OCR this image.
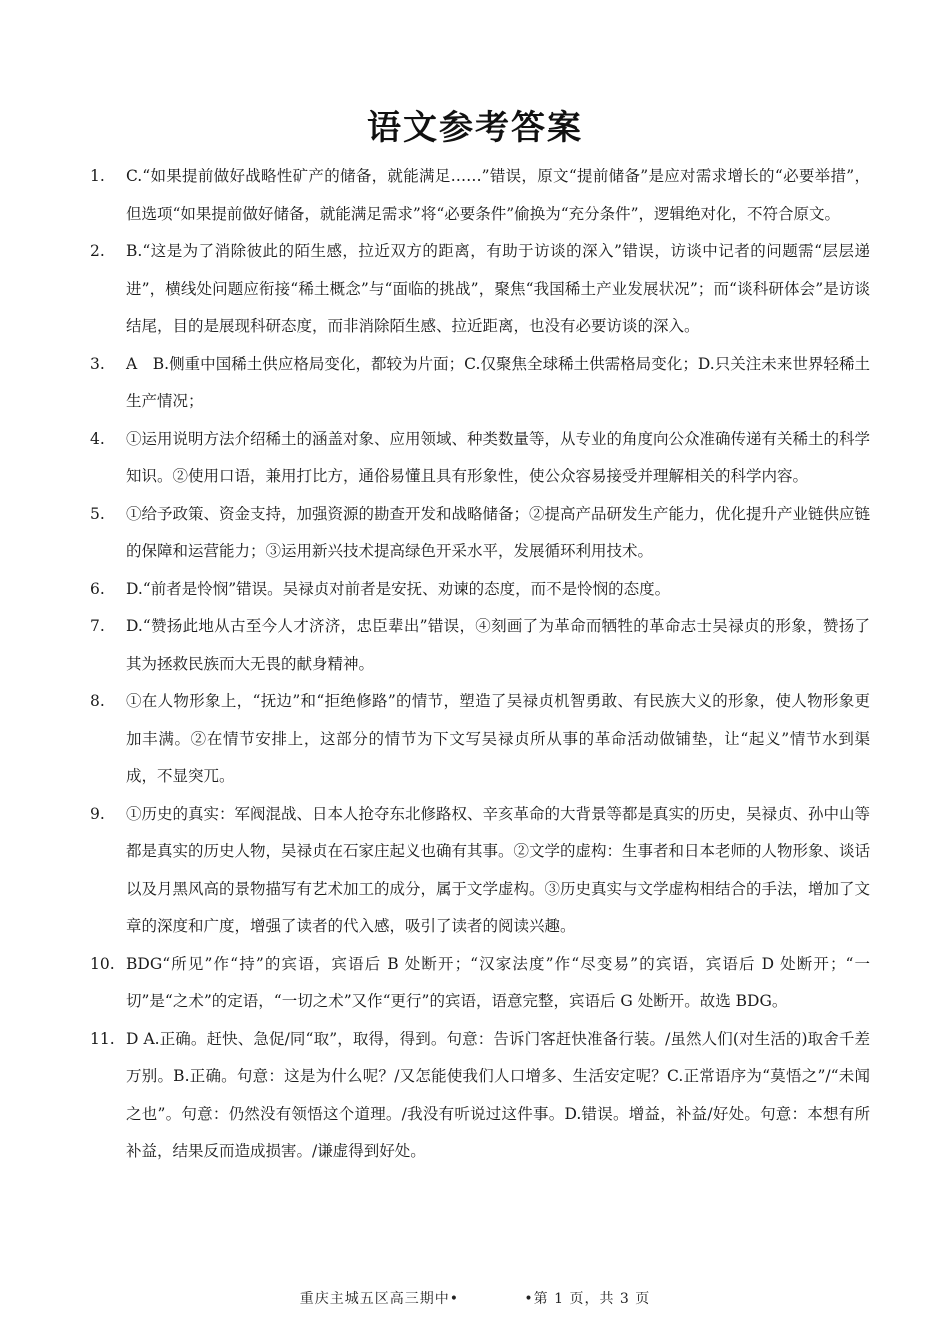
语文参考答案
1. C.“如果提前做好战略性矿产的储备，就能满足……”错误，原文“提前储备”是应对需求增长的“必要举措”，但选项“如果提前做好储备，就能满足需求”将“必要条件”偷换为“充分条件”，逻辑绝对化，不符合原文。
2. B.“这是为了消除彼此的陌生感，拉近双方的距离，有助于访谈的深入”错误，访谈中记者的问题需“层层递进”，横线处问题应衔接“稀土概念”与“面临的挑战”，聚焦“我国稀土产业发展状况”；而“谈科研体会”是访谈结尾，目的是展现科研态度，而非消除陌生感、拉近距离，也没有必要访谈的深入。
3. A　B.侧重中国稀土供应格局变化，都较为片面；C.仅聚焦全球稀土供需格局变化；D.只关注未来世界轻稀土生产情况；
4. ①运用说明方法介绍稀土的涵盖对象、应用领域、种类数量等，从专业的角度向公众准确传递有关稀土的科学知识。②使用口语，兼用打比方，通俗易懂且具有形象性，使公众容易接受并理解相关的科学内容。
5. ①给予政策、资金支持，加强资源的勘查开发和战略储备；②提高产品研发生产能力，优化提升产业链供应链的保障和运营能力；③运用新兴技术提高绿色开采水平，发展循环利用技术。
6. D.“前者是怜悯”错误。吴禄贞对前者是安抚、劝谏的态度，而不是怜悯的态度。
7. D.“赞扬此地从古至今人才济济，忠臣辈出”错误，④刻画了为革命而牺牲的革命志士吴禄贞的形象，赞扬了其为拯救民族而大无畏的献身精神。
8. ①在人物形象上，“抚边”和“拒绝修路”的情节，塑造了吴禄贞机智勇敢、有民族大义的形象，使人物形象更加丰满。②在情节安排上，这部分的情节为下文写吴禄贞所从事的革命活动做铺垫，让“起义”情节水到渠成，不显突兀。
9. ①历史的真实：军阀混战、日本人抢夺东北修路权、辛亥革命的大背景等都是真实的历史，吴禄贞、孙中山等都是真实的历史人物，吴禄贞在石家庄起义也确有其事。②文学的虚构：生事者和日本老师的人物形象、谈话以及月黑风高的景物描写有艺术加工的成分，属于文学虚构。③历史真实与文学虚构相结合的手法，增加了文章的深度和广度，增强了读者的代入感，吸引了读者的阅读兴趣。
10. BDG“所见”作“持”的宾语，宾语后 B 处断开；“汉家法度”作“尽变易”的宾语，宾语后 D 处断开；“一切”是“之术”的定语，“一切之术”又作“更行”的宾语，语意完整，宾语后 G 处断开。故选 BDG。
11. D A.正确。赶快、急促/同“取”，取得，得到。句意：告诉门客赶快准备行装。/虽然人们(对生活的)取舍千差万别。B.正确。句意：这是为什么呢？/又怎能使我们人口增多、生活安定呢？C.正常语序为“莫悟之”/“未闻之也”。句意：仍然没有领悟这个道理。/我没有听说过这件事。D.错误。增益，补益/好处。句意：本想有所补益，结果反而造成损害。/谦虚得到好处。
重庆主城五区高三期中•	•第 1 页，共 3 页
